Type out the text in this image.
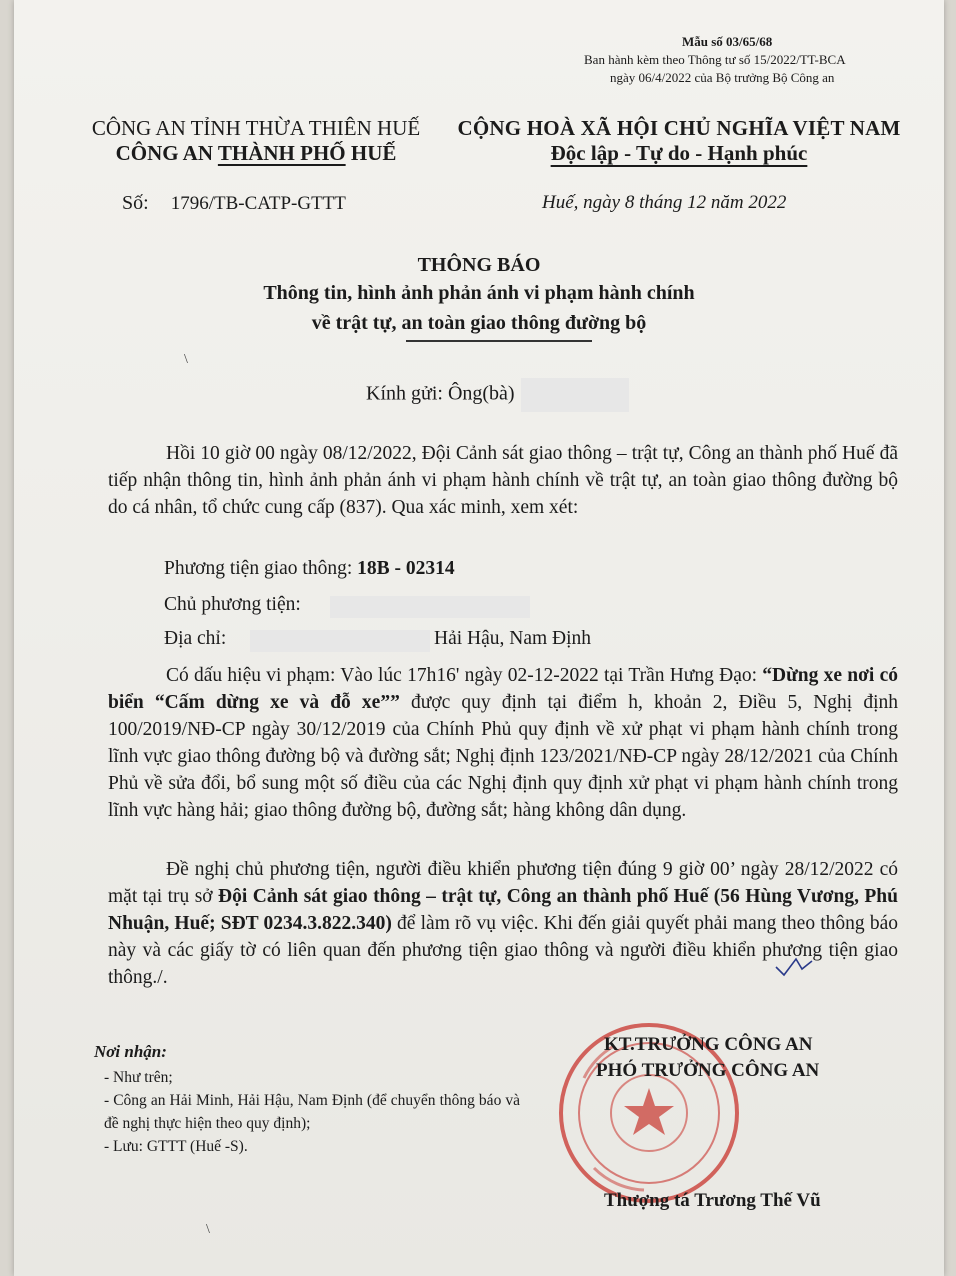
Mẫu số 03/65/68
Ban hành kèm theo Thông tư số 15/2022/TT-BCA
ngày 06/4/2022 của Bộ trưởng Bộ Công an
CÔNG AN TỈNH THỪA THIÊN HUẾ
CÔNG AN THÀNH PHỐ HUẾ
CỘNG HOÀ XÃ HỘI CHỦ NGHĨA VIỆT NAM
Độc lập - Tự do - Hạnh phúc
Số: 1796/TB-CATP-GTTT	Huế, ngày 8 tháng 12 năm 2022
THÔNG BÁO
Thông tin, hình ảnh phản ánh vi phạm hành chính
về trật tự, an toàn giao thông đường bộ
\
Kính gửi: Ông(bà)
Hồi 10 giờ 00 ngày 08/12/2022, Đội Cảnh sát giao thông – trật tự, Công an thành phố Huế đã tiếp nhận thông tin, hình ảnh phản ánh vi phạm hành chính về trật tự, an toàn giao thông đường bộ do cá nhân, tổ chức cung cấp (837). Qua xác minh, xem xét:
Phương tiện giao thông: 18B - 02314
Chủ phương tiện:
Địa chỉ:	Hải Hậu, Nam Định
Có dấu hiệu vi phạm: Vào lúc 17h16' ngày 02-12-2022 tại Trần Hưng Đạo: “Dừng xe nơi có biển “Cấm dừng xe và đỗ xe”” được quy định tại điểm h, khoản 2, Điều 5, Nghị định 100/2019/NĐ-CP ngày 30/12/2019 của Chính Phủ quy định về xử phạt vi phạm hành chính trong lĩnh vực giao thông đường bộ và đường sắt; Nghị định 123/2021/NĐ-CP ngày 28/12/2021 của Chính Phủ về sửa đổi, bổ sung một số điều của các Nghị định quy định xử phạt vi phạm hành chính trong lĩnh vực hàng hải; giao thông đường bộ, đường sắt; hàng không dân dụng.
Đề nghị chủ phương tiện, người điều khiển phương tiện đúng 9 giờ 00’ ngày 28/12/2022 có mặt tại trụ sở Đội Cảnh sát giao thông – trật tự, Công an thành phố Huế (56 Hùng Vương, Phú Nhuận, Huế; SĐT 0234.3.822.340) để làm rõ vụ việc. Khi đến giải quyết phải mang theo thông báo này và các giấy tờ có liên quan đến phương tiện giao thông và người điều khiển phương tiện giao thông./.
Nơi nhận:
- Như trên;
- Công an Hải Minh, Hải Hậu, Nam Định (để chuyển thông báo và đề nghị thực hiện theo quy định);
- Lưu: GTTT (Huế -S).
KT.TRƯỞNG CÔNG AN
PHÓ TRƯỞNG CÔNG AN
Thượng tá Trương Thế Vũ
\
